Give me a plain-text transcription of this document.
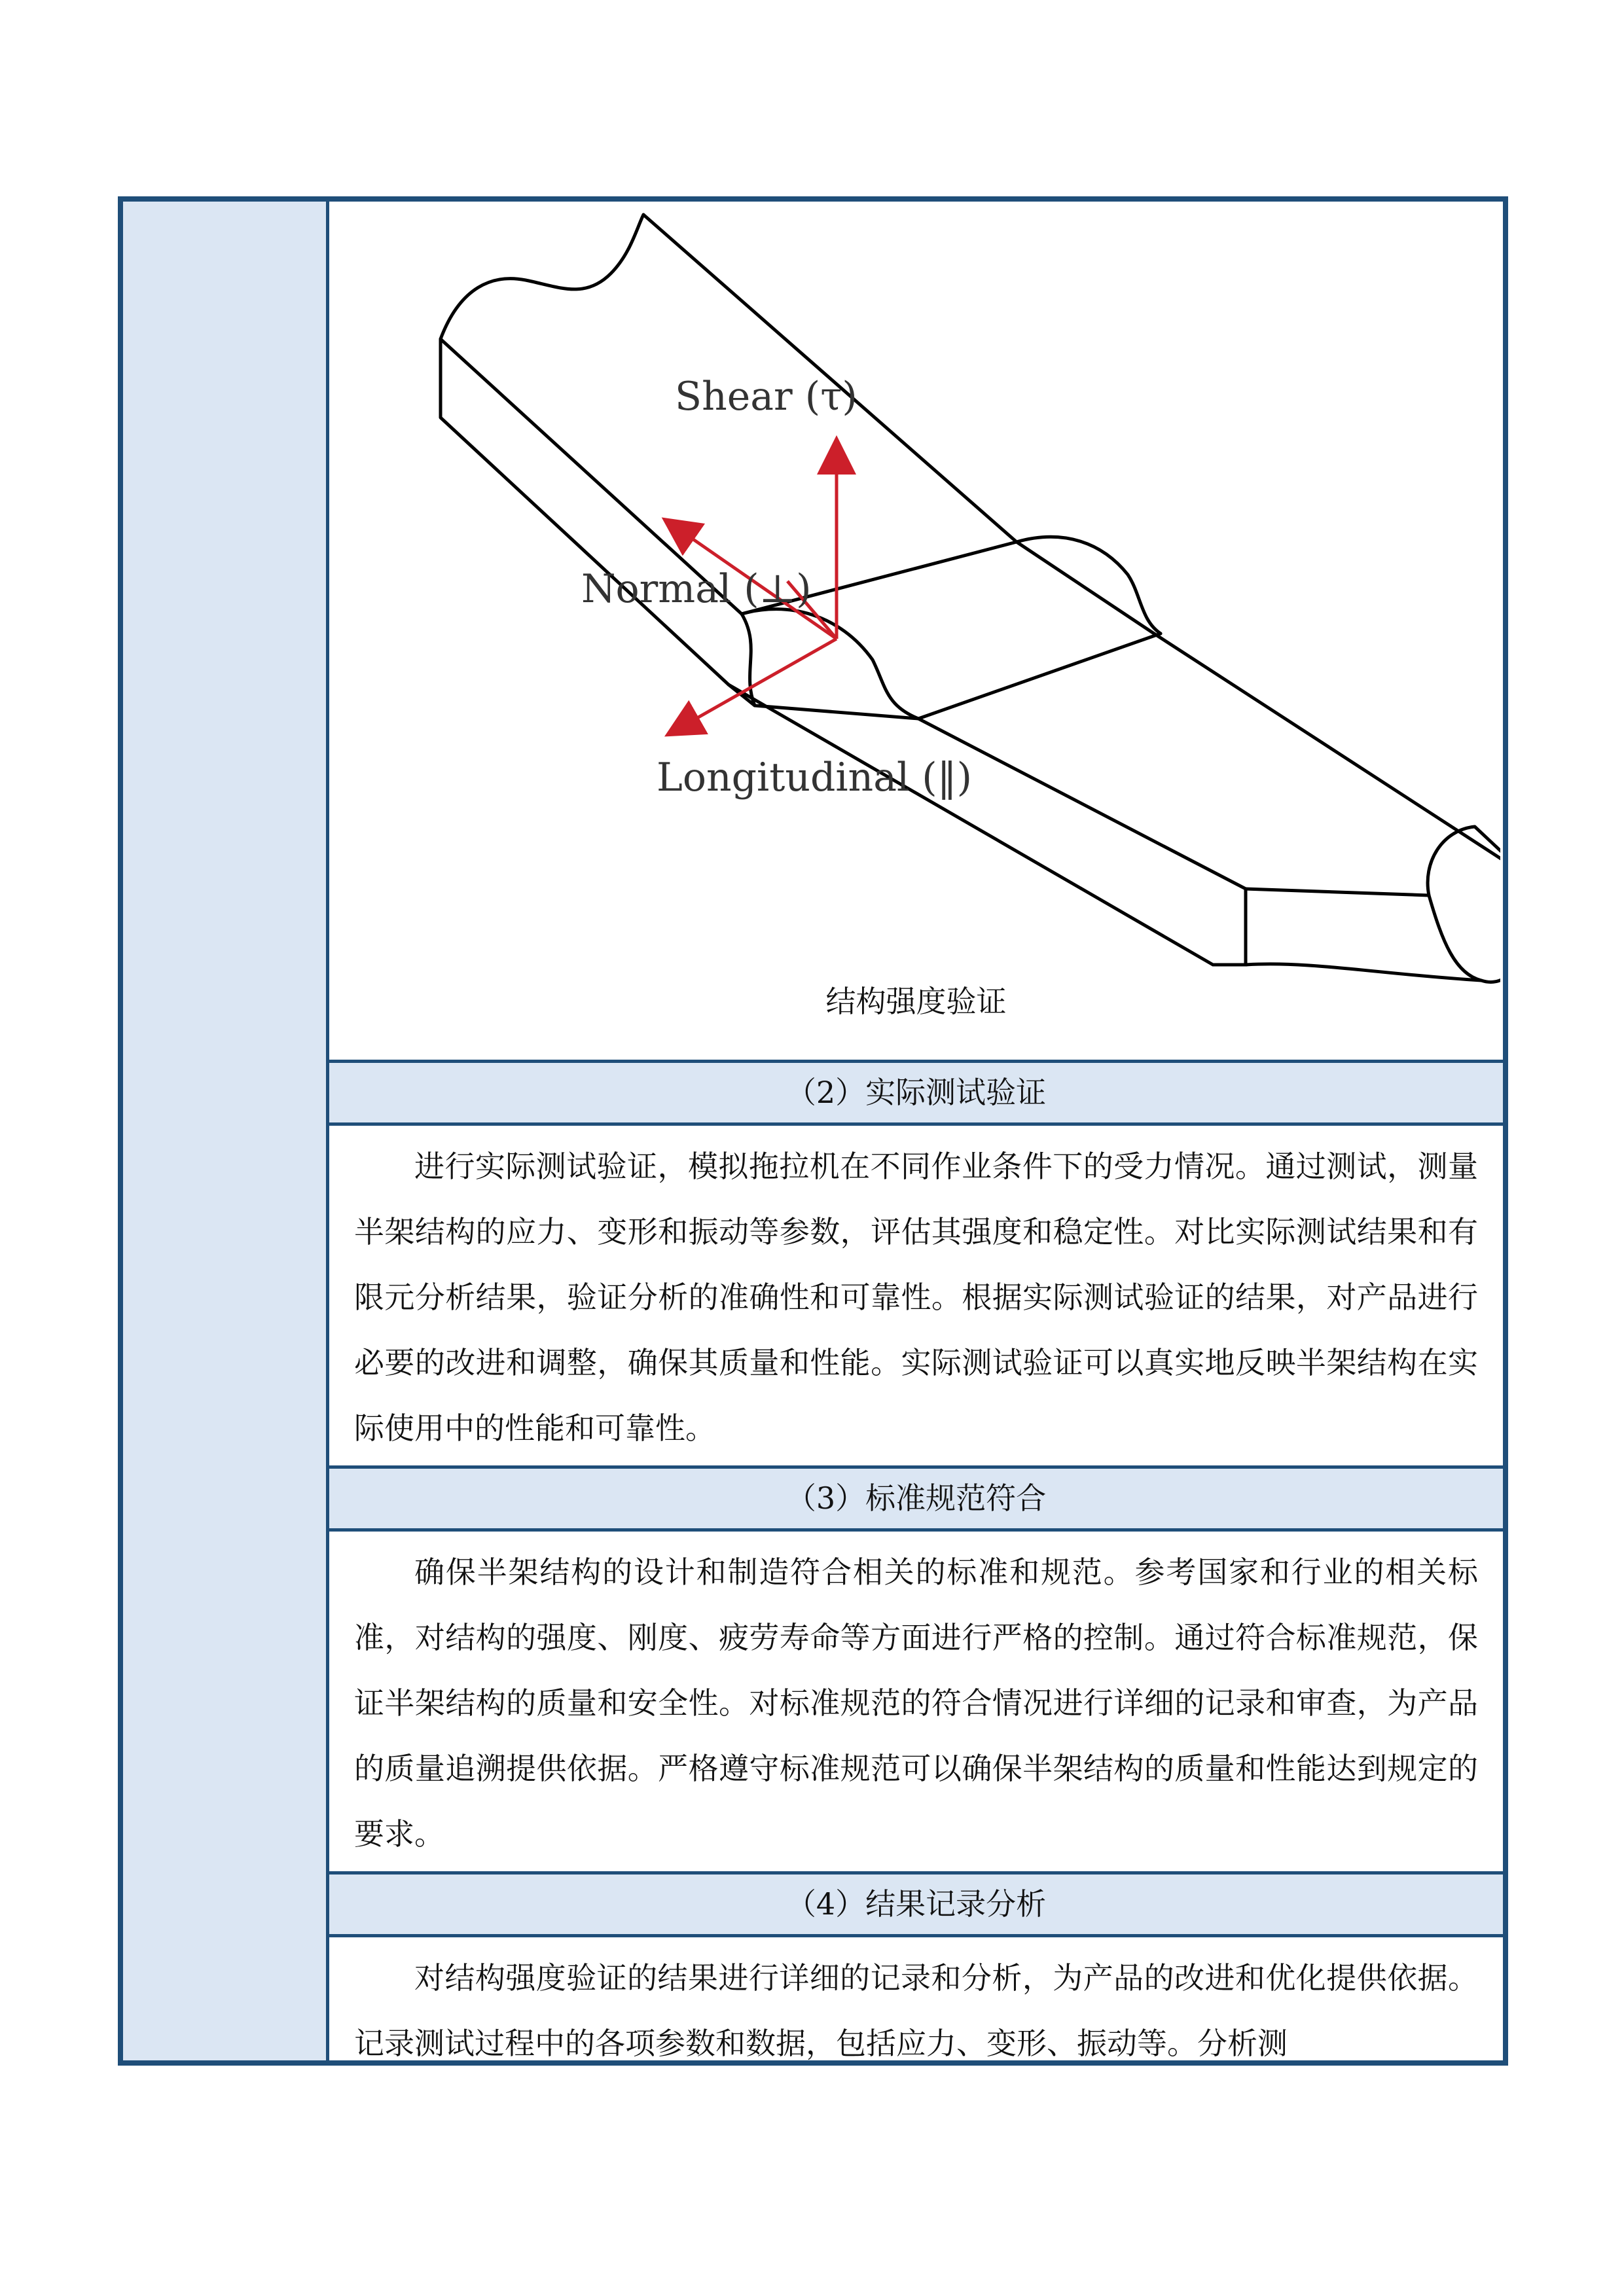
Shear (τ)
Normal (⊥)
Longitudinal (‖)
结构强度验证
（2）实际测试验证

进行实际测试验证，模拟拖拉机在不同作业条件下的受力情况。通过测试，测量半架结构的应力、变形和振动等参数，评估其强度和稳定性。对比实际测试结果和有限元分析结果，验证分析的准确性和可靠性。根据实际测试验证的结果，对产品进行必要的改进和调整，确保其质量和性能。实际测试验证可以真实地反映半架结构在实际使用中的性能和可靠性。

（3）标准规范符合

确保半架结构的设计和制造符合相关的标准和规范。参考国家和行业的相关标准，对结构的强度、刚度、疲劳寿命等方面进行严格的控制。通过符合标准规范，保证半架结构的质量和安全性。对标准规范的符合情况进行详细的记录和审查，为产品的质量追溯提供依据。严格遵守标准规范可以确保半架结构的质量和性能达到规定的要求。

（4）结果记录分析

对结构强度验证的结果进行详细的记录和分析，为产品的改进和优化提供依据。记录测试过程中的各项参数和数据，包括应力、变形、振动等。分析测
